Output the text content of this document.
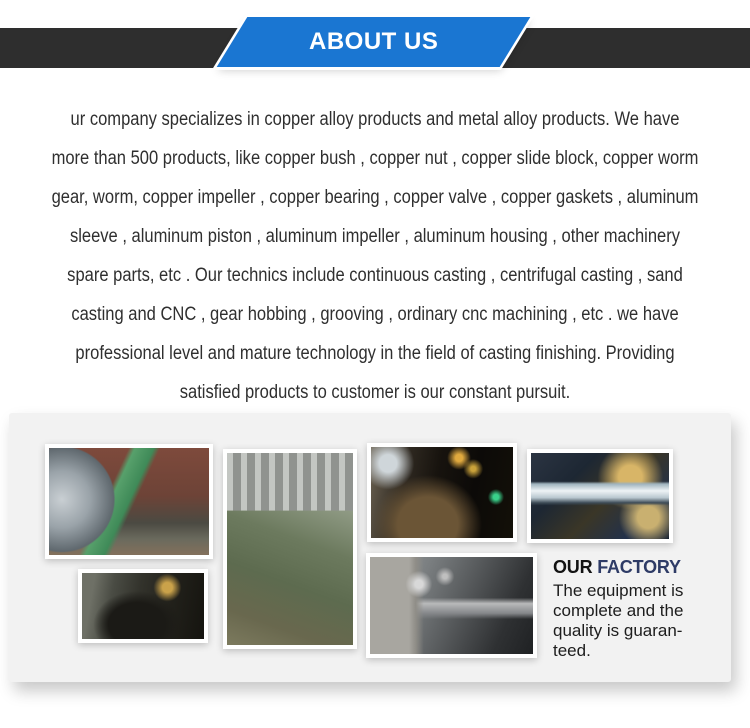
ABOUT US
ur company specializes in copper alloy products and metal alloy products. We have
more than 500 products, like copper bush , copper nut , copper slide block, copper worm
gear, worm, copper impeller , copper bearing , copper valve , copper gaskets , aluminum
sleeve , aluminum piston , aluminum impeller , aluminum housing , other machinery
spare parts, etc . Our technics include continuous casting , centrifugal casting , sand
casting and CNC , gear hobbing , grooving , ordinary cnc machining , etc . we have
professional level and mature technology in the field of casting finishing. Providing
satisfied products to customer is our constant pursuit.
OUR FACTORY
The equipment is
complete and the
quality is guaran-
teed.
